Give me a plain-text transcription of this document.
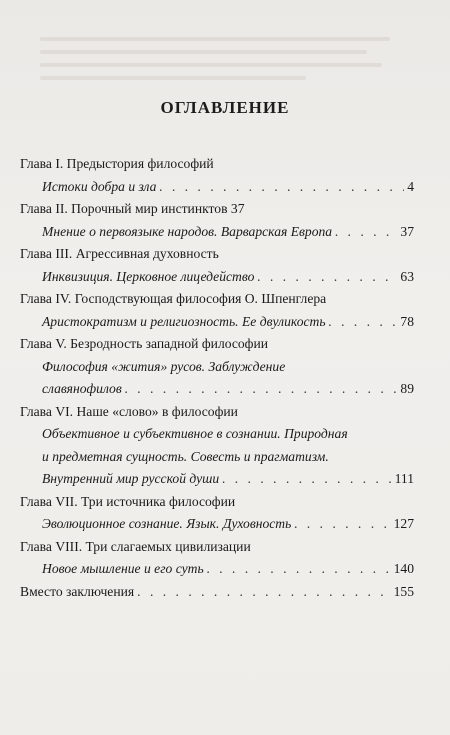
ОГЛАВЛЕНИЕ
Глава I. Предыстория философий
Истоки добра и зла . . .	4
Глава II. Порочный мир инстинктов 37
Мнение о первоязыке народов. Варварская Европа . . .	37
Глава III. Агрессивная духовность
Инквизиция. Церковное лицедейство . . .	63
Глава IV. Господствующая философия О. Шпенглера
Аристократизм и религиозность. Ее двуликость . . .	78
Глава V. Безродность западной философии
Философия «жития» русов. Заблуждение
славянофилов . . .	89
Глава VI. Наше «слово» в философии
Объективное и субъективное в сознании. Природная
и предметная сущность. Совесть и прагматизм.
Внутренний мир русской души . . .	111
Глава VII. Три источника философии
Эволюционное сознание. Язык. Духовность . . .	127
Глава VIII. Три слагаемых цивилизации
Новое мышление и его суть . . .	140
Вместо заключения . . .	155
